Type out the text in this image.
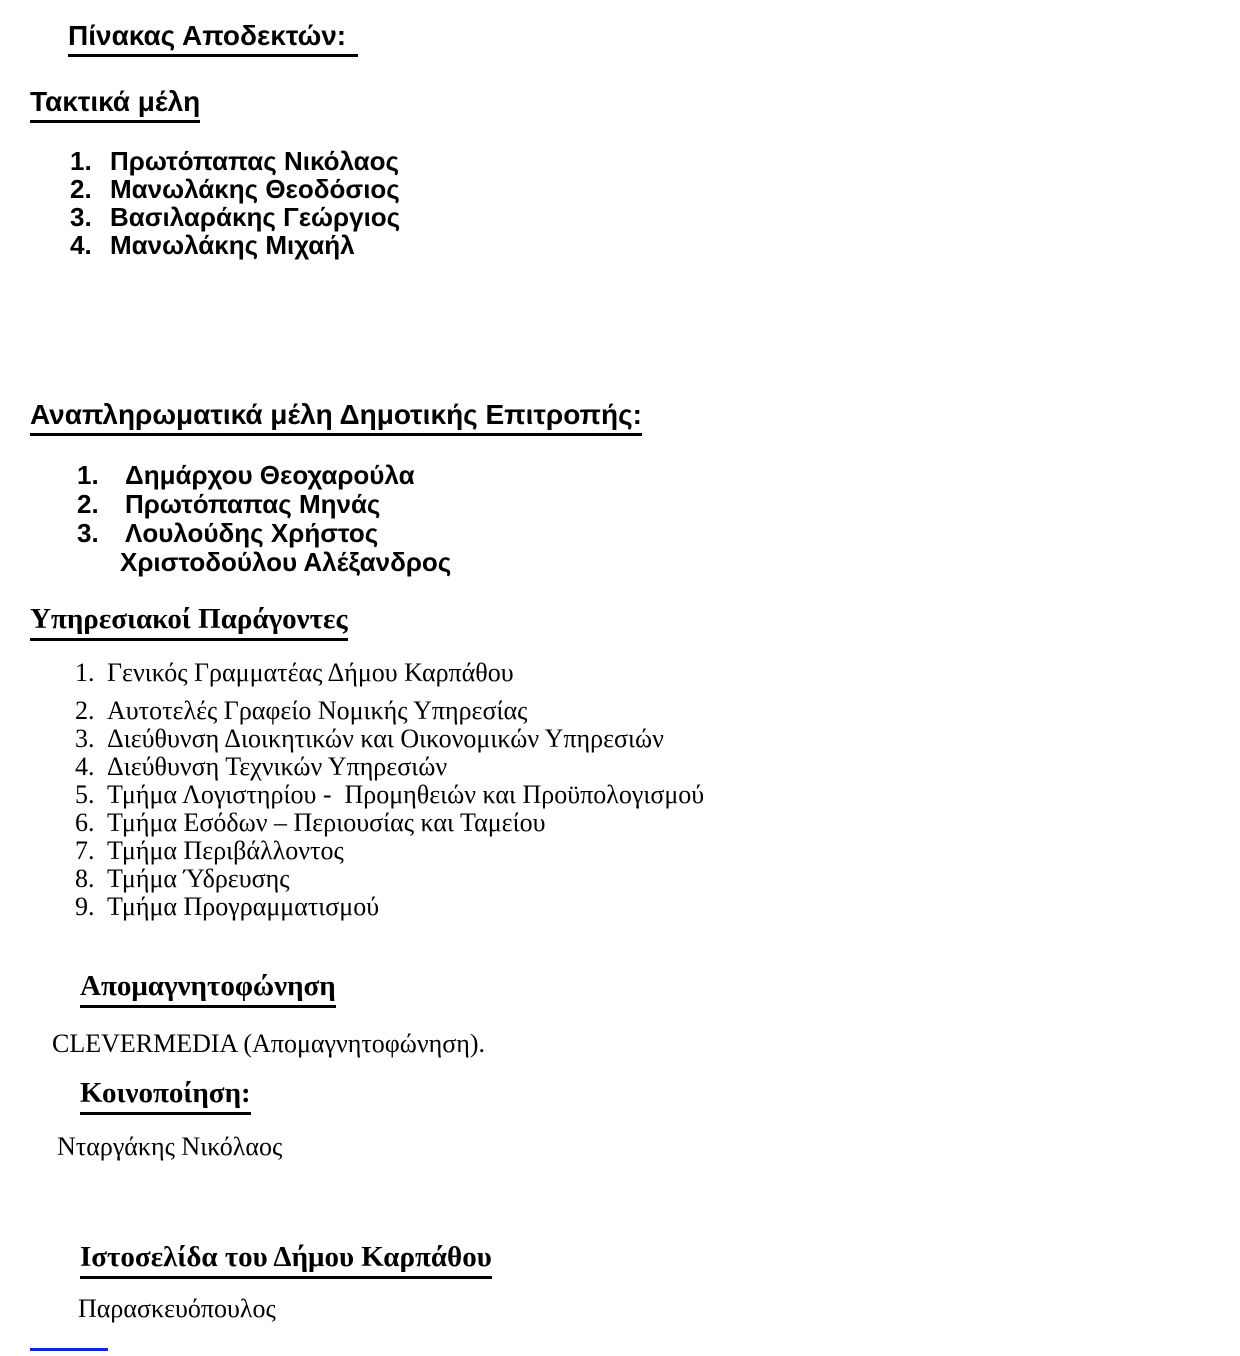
Πίνακας Αποδεκτών:
Τακτικά μέλη
Πρωτόπαπας Νικόλαος
Μανωλάκης Θεοδόσιος
Βασιλαράκης Γεώργιος
Μανωλάκης Μιχαήλ
Αναπληρωματικά μέλη Δημοτικής Επιτροπής:
Δημάρχου Θεοχαρούλα
Πρωτόπαπας Μηνάς
Λουλούδης Χρήστος
Χριστοδούλου Αλέξανδρος
Υπηρεσιακοί Παράγοντες
Γενικός Γραμματέας Δήμου Καρπάθου
Αυτοτελές Γραφείο Νομικής Υπηρεσίας
Διεύθυνση Διοικητικών και Οικονομικών Υπηρεσιών
Διεύθυνση Τεχνικών Υπηρεσιών
Τμήμα Λογιστηρίου -  Προμηθειών και Προϋπολογισμού
Τμήμα Εσόδων – Περιουσίας και Ταμείου
Τμήμα Περιβάλλοντος
Τμήμα Ύδρευσης
Τμήμα Προγραμματισμού
Απομαγνητοφώνηση
CLEVERMEDIA (Απομαγνητοφώνηση).
Κοινοποίηση:
Νταργάκης Νικόλαος
Ιστοσελίδα του Δήμου Καρπάθου
Παρασκευόπουλος
